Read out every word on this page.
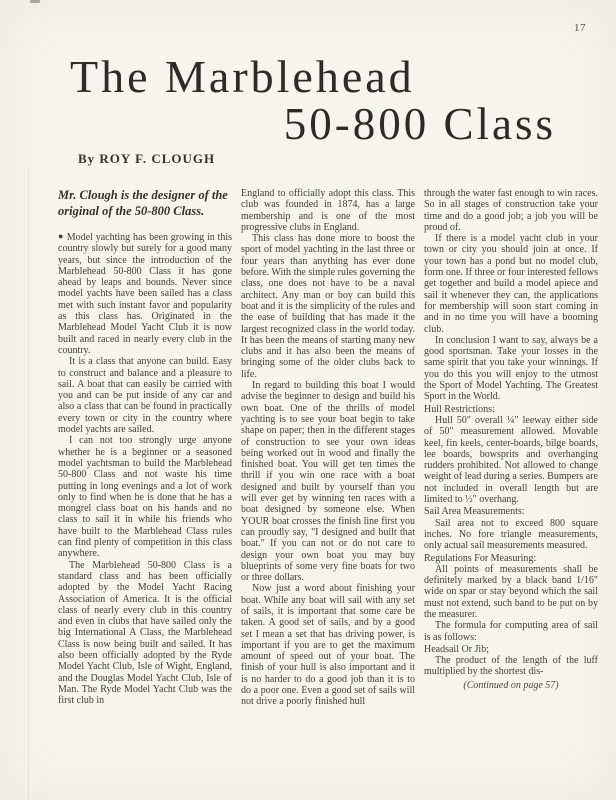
17
The Marblehead
50-800 Class
By ROY F. CLOUGH

Mr. Clough is the designer of the original of the 50-800 Class.

● Model yachting has been growing in this country slowly but surely for a good many years, but since the introduction of the Marblehead 50-800 Class it has gone ahead by leaps and bounds. Never since model yachts have been sailed has a class met with such instant favor and popularity as this class has. Originated in the Marblehead Model Yacht Club it is now built and raced in nearly every club in the country.

It is a class that anyone can build. Easy to construct and balance and a pleasure to sail. A boat that can easily be carried with you and can be put inside of any car and also a class that can be found in practically every town or city in the country where model yachts are sailed.

I can not too strongly urge anyone whether he is a beginner or a seasoned model yachtsman to build the Marblehead 50-800 Class and not waste his time putting in long evenings and a lot of work only to find when he is done that he has a mongrel class boat on his hands and no class to sail it in while his friends who have built to the Marblehead Class rules can find plenty of competition in this class anywhere.

The Marblehead 50-800 Class is a standard class and has been officially adopted by the Model Yacht Racing Association of America. It is the official class of nearly every club in this country and even in clubs that have sailed only the big International A Class, the Marblehead Class is now being built and sailed. It has also been officially adopted by the Ryde Model Yacht Club, Isle of Wight, England, and the Douglas Model Yacht Club, Isle of Man. The Ryde Model Yacht Club was the first club in

England to officially adopt this class. This club was founded in 1874, has a large membership and is one of the most progressive clubs in England.

This class has done more to boost the sport of model yachting in the last three or four years than anything has ever done before. With the simple rules governing the class, one does not have to be a naval architect. Any man or boy can build this boat and it is the simplicity of the rules and the ease of building that has made it the largest recognized class in the world today. It has been the means of starting many new clubs and it has also been the means of bringing some of the older clubs back to life.

In regard to building this boat I would advise the beginner to design and build his own boat. One of the thrills of model yachting is to see your boat begin to take shape on paper; then in the different stages of construction to see your own ideas being worked out in wood and finally the finished boat. You will get ten times the thrill if you win one race with a boat designed and built by yourself than you will ever get by winning ten races with a boat designed by someone else. When YOUR boat crosses the finish line first you can proudly say, "I designed and built that boat." If you can not or do not care to design your own boat you may buy blueprints of some very fine boats for two or three dollars.

Now just a word about finishing your boat. While any boat will sail with any set of sails, it is important that some care be taken. A good set of sails, and by a good set I mean a set that has driving power, is important if you are to get the maximum amount of speed out of your boat. The finish of your hull is also important and it is no harder to do a good job than it is to do a poor one. Even a good set of sails will not drive a poorly finished hull

through the water fast enough to win races. So in all stages of construction take your time and do a good job; a job you will be proud of.

If there is a model yacht club in your town or city you should join at once. If your town has a pond but no model club, form one. If three or four interested fellows get together and build a model apiece and sail it whenever they can, the applications for membership will soon start coming in and in no time you will have a booming club.

In conclusion I want to say, always be a good sportsman. Take your losses in the same spirit that you take your winnings. If you do this you will enjoy to the utmost the Sport of Model Yachting. The Greatest Sport in the World.

Hull Restrictions:

Hull 50" overall ¼" leeway either side of 50" measurement allowed. Movable keel, fin keels, center-boards, bilge boards, lee boards, bowsprits and overhanging rudders prohibited. Not allowed to change weight of lead during a series. Bumpers are not included in overall length but are limited to ½" overhang.

Sail Area Measurements:

Sail area not to exceed 800 square inches. No fore triangle measurements, only actual sail measurements measured.

Regulations For Measuring:

All points of measurements shall be definitely marked by a black band 1/16" wide on spar or stay beyond which the sail must not extend, such band to be put on by the measurer.

The formula for computing area of sail is as follows:

Headsail Or Jib;

The product of the length of the luff multiplied by the shortest dis-

(Continued on page 57)
